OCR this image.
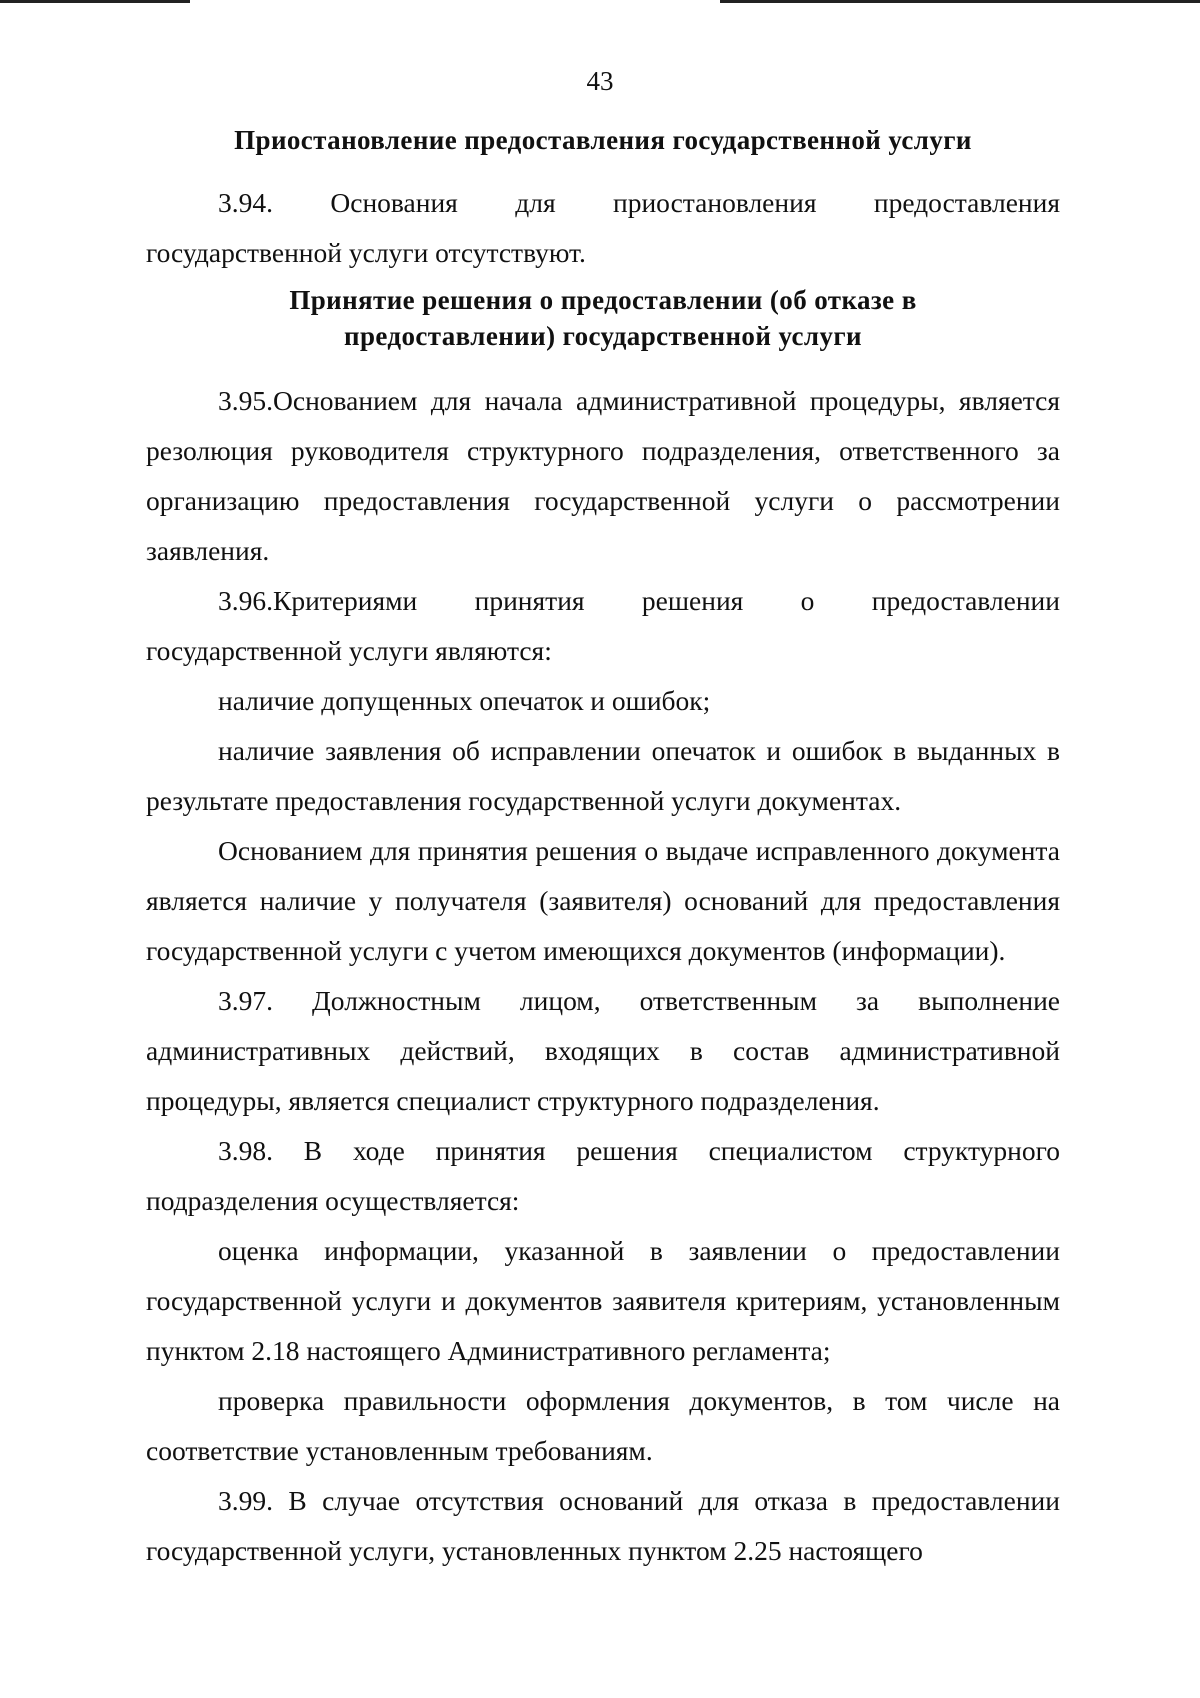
43
Приостановление предоставления государственной услуги

3.94. Основания для приостановления предоставления государственной услуги отсутствуют.

Принятие решения о предоставлении (об отказе в предоставлении) государственной услуги

3.95.Основанием для начала административной процедуры, является резолюция руководителя структурного подразделения, ответственного за организацию предоставления государственной услуги о рассмотрении заявления.

3.96.Критериями принятия решения о предоставлении государственной услуги являются:

наличие допущенных опечаток и ошибок;

наличие заявления об исправлении опечаток и ошибок в выданных в результате предоставления государственной услуги документах.

Основанием для принятия решения о выдаче исправленного документа является наличие у получателя (заявителя) оснований для предоставления государственной услуги с учетом имеющихся документов (информации).

3.97. Должностным лицом, ответственным за выполнение административных действий, входящих в состав административной процедуры, является специалист структурного подразделения.

3.98. В ходе принятия решения специалистом структурного подразделения осуществляется:

оценка информации, указанной в заявлении о предоставлении государственной услуги и документов заявителя критериям, установленным пунктом 2.18 настоящего Административного регламента;

проверка правильности оформления документов, в том числе на соответствие установленным требованиям.

3.99. В случае отсутствия оснований для отказа в предоставлении государственной услуги, установленных пунктом 2.25 настоящего
